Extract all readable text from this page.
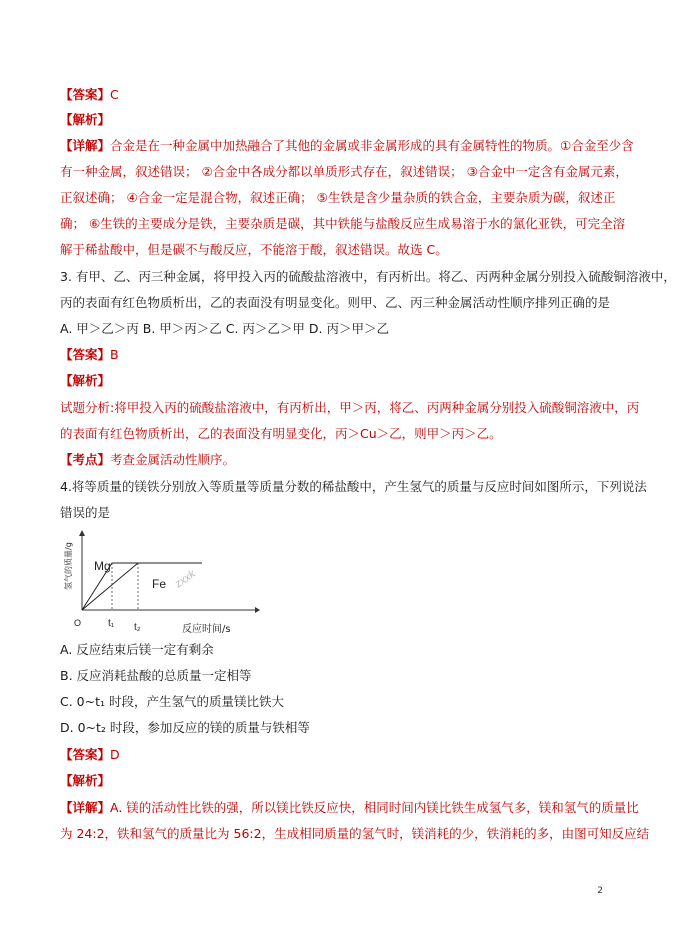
【答案】C
【解析】
【详解】合金是在一种金属中加热融合了其他的金属或非金属形成的具有金属特性的物质。①合金至少含
有一种金属，叙述错误； ②合金中各成分都以单质形式存在，叙述错误； ③合金中一定含有金属元素，
正叙述确； ④合金一定是混合物，叙述正确； ⑤生铁是含少量杂质的铁合金，主要杂质为碳，叙述正
确； ⑥生铁的主要成分是铁，主要杂质是碳，其中铁能与盐酸反应生成易溶于水的氯化亚铁，可完全溶
解于稀盐酸中，但是碳不与酸反应，不能溶于酸，叙述错误。故选 C。
3. 有甲、乙、丙三种金属，将甲投入丙的硫酸盐溶液中，有丙析出。将乙、丙两种金属分别投入硫酸铜溶液中，
丙的表面有红色物质析出，乙的表面没有明显变化。则甲、乙、丙三种金属活动性顺序排列正确的是
A. 甲＞乙＞丙 B. 甲＞丙＞乙 C. 丙＞乙＞甲 D. 丙＞甲＞乙
【答案】B
【解析】
试题分析:将甲投入丙的硫酸盐溶液中，有丙析出，甲＞丙，将乙、丙两种金属分别投入硫酸铜溶液中，丙
的表面有红色物质析出，乙的表面没有明显变化，丙＞Cu＞乙，则甲＞丙＞乙。
【考点】考查金属活动性顺序。
4.将等质量的镁铁分别放入等质量等质量分数的稀盐酸中，产生氢气的质量与反应时间如图所示，下列说法
错误的是
Mg
Fe
O	t₁ t₂	反应时间/s
氢气的质量/g	zxxk
A. 反应结束后镁一定有剩余
B. 反应消耗盐酸的总质量一定相等
C. 0~t₁ 时段，产生氢气的质量镁比铁大
D. 0~t₂ 时段，参加反应的镁的质量与铁相等
【答案】D
【解析】
【详解】A. 镁的活动性比铁的强，所以镁比铁反应快，相同时间内镁比铁生成氢气多，镁和氢气的质量比
为 24:2，铁和氢气的质量比为 56:2，生成相同质量的氢气时，镁消耗的少，铁消耗的多，由图可知反应结
2
